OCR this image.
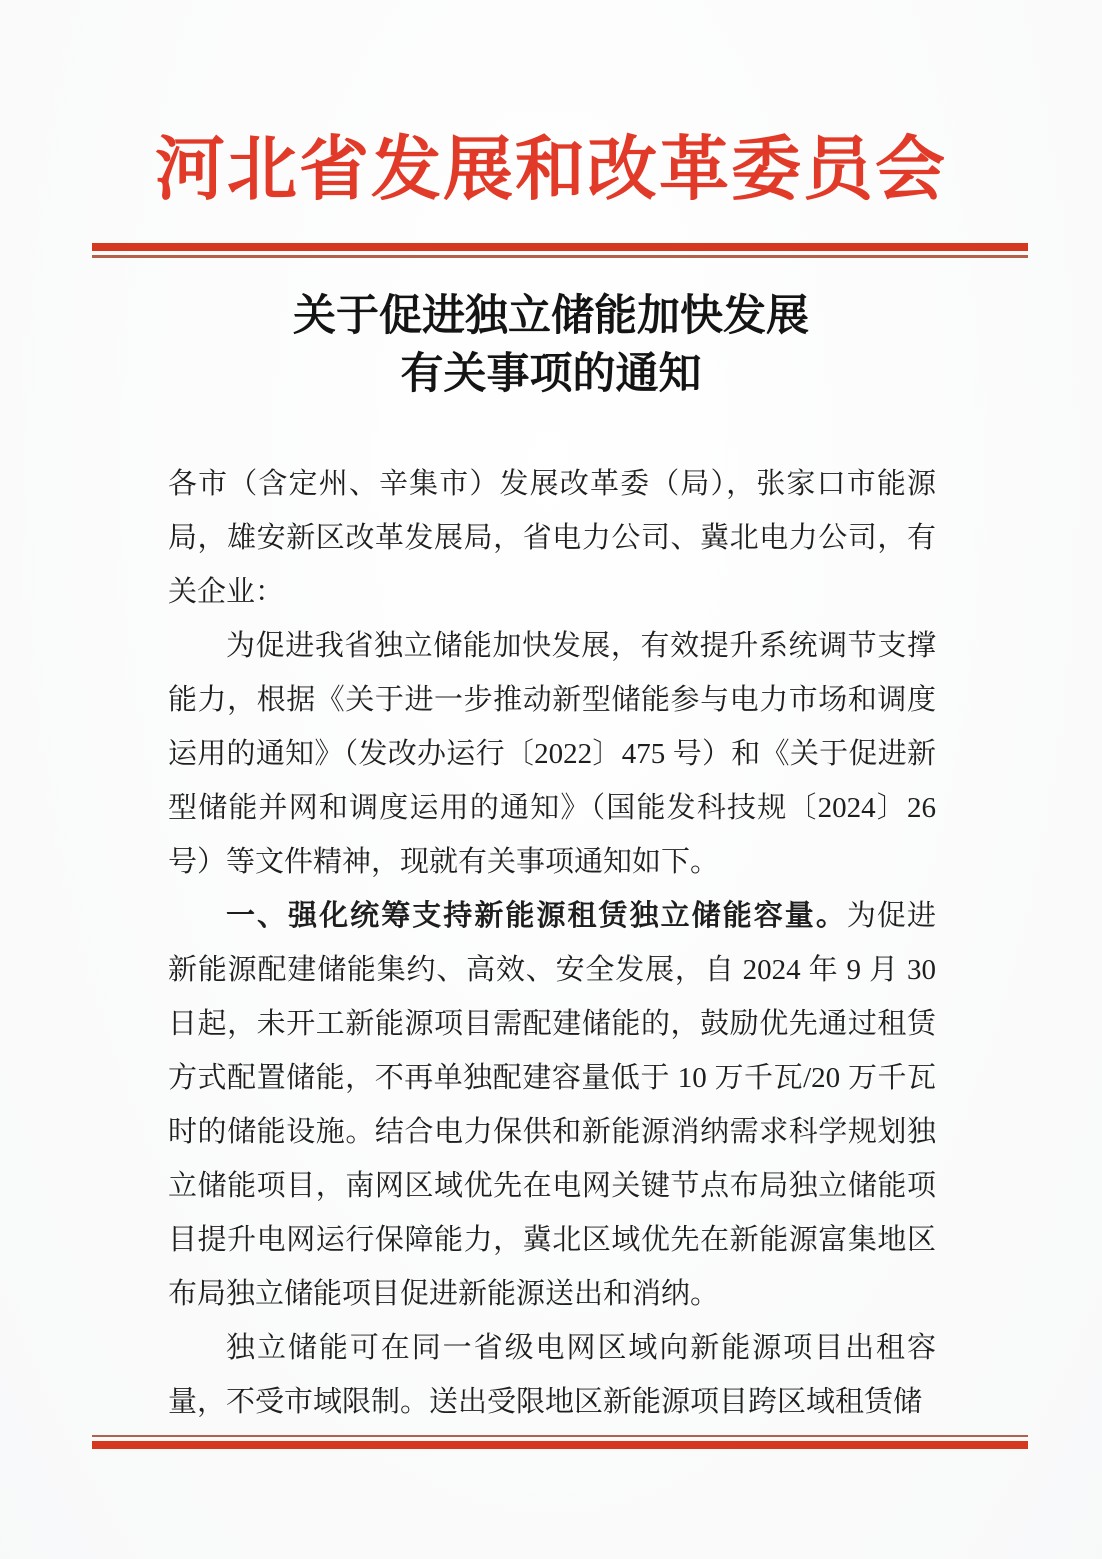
河北省发展和改革委员会
关于促进独立储能加快发展
有关事项的通知

各市（含定州、辛集市）发展改革委（局），张家口市能源局，雄安新区改革发展局，省电力公司、冀北电力公司，有关企业：

为促进我省独立储能加快发展，有效提升系统调节支撑能力，根据《关于进一步推动新型储能参与电力市场和调度运用的通知》（发改办运行〔2022〕475 号）和《关于促进新型储能并网和调度运用的通知》（国能发科技规〔2024〕26 号）等文件精神，现就有关事项通知如下。

一、强化统筹支持新能源租赁独立储能容量。为促进新能源配建储能集约、高效、安全发展，自 2024 年 9 月 30 日起，未开工新能源项目需配建储能的，鼓励优先通过租赁方式配置储能，不再单独配建容量低于 10 万千瓦/20 万千瓦时的储能设施。结合电力保供和新能源消纳需求科学规划独立储能项目，南网区域优先在电网关键节点布局独立储能项目提升电网运行保障能力，冀北区域优先在新能源富集地区布局独立储能项目促进新能源送出和消纳。

独立储能可在同一省级电网区域向新能源项目出租容量，不受市域限制。送出受限地区新能源项目跨区域租赁储
